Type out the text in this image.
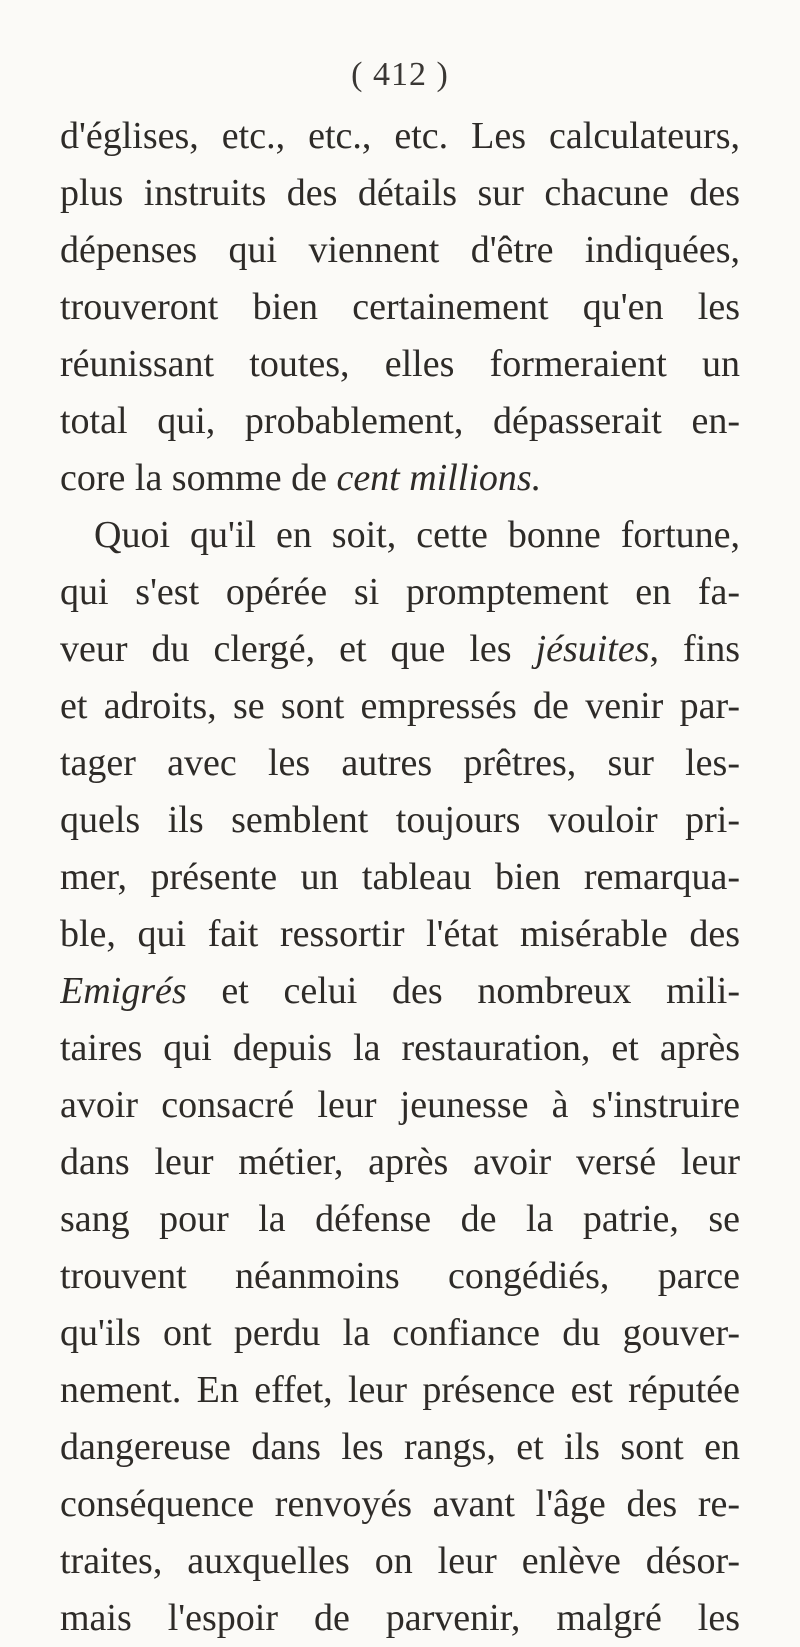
( 412 )
d'églises, etc., etc., etc. Les calculateurs,
plus instruits des détails sur chacune des
dépenses qui viennent d'être indiquées,
trouveront bien certainement qu'en les
réunissant toutes, elles formeraient un
total qui, probablement, dépasserait en-
core la somme de cent millions.
Quoi qu'il en soit, cette bonne fortune,
qui s'est opérée si promptement en fa-
veur du clergé, et que les jésuites, fins
et adroits, se sont empressés de venir par-
tager avec les autres prêtres, sur les-
quels ils semblent toujours vouloir pri-
mer, présente un tableau bien remarqua-
ble, qui fait ressortir l'état misérable des
Emigrés et celui des nombreux mili-
taires qui depuis la restauration, et après
avoir consacré leur jeunesse à s'instruire
dans leur métier, après avoir versé leur
sang pour la défense de la patrie, se
trouvent néanmoins congédiés, parce
qu'ils ont perdu la confiance du gouver-
nement. En effet, leur présence est réputée
dangereuse dans les rangs, et ils sont en
conséquence renvoyés avant l'âge des re-
traites, auxquelles on leur enlève désor-
mais l'espoir de parvenir, malgré les
